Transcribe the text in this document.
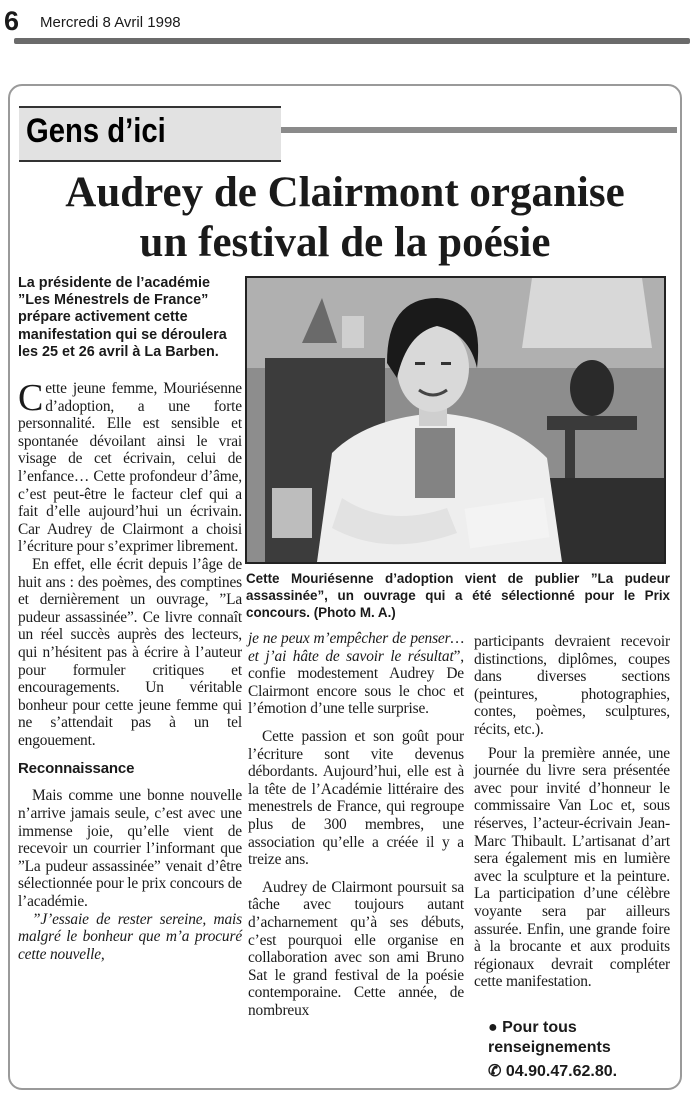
6 Mercredi 8 Avril 1998
Gens d’ici
Audrey de Clairmont organise
un festival de la poésie
La présidente de l’académie ”Les Ménestrels de France” prépare activement cette manifestation qui se déroulera les 25 et 26 avril à La Barben.
Cette Mouriésenne d’adoption vient de publier ”La pudeur assassinée”, un ouvrage qui a été sélectionné pour le Prix concours. (Photo M. A.)

Cette jeune femme, Mouriésenne d’adoption, a une forte personnalité. Elle est sensible et spontanée dévoilant ainsi le vrai visage de cet écrivain, celui de l’enfance… Cette profondeur d’âme, c’est peut-être le facteur clef qui a fait d’elle aujourd’hui un écrivain. Car Audrey de Clairmont a choisi l’écriture pour s’exprimer librement.

En effet, elle écrit depuis l’âge de huit ans : des poèmes, des comptines et dernièrement un ouvrage, ”La pudeur assassinée”. Ce livre connaît un réel succès auprès des lecteurs, qui n’hésitent pas à écrire à l’auteur pour formuler critiques et encouragements. Un véritable bonheur pour cette jeune femme qui ne s’attendait pas à un tel engouement.

Reconnaissance

Mais comme une bonne nouvelle n’arrive jamais seule, c’est avec une immense joie, qu’elle vient de recevoir un courrier l’informant que ”La pudeur assassinée” venait d’être sélectionnée pour le prix concours de l’académie.

”J’essaie de rester sereine, mais malgré le bonheur que m’a procuré cette nouvelle,

je ne peux m’empêcher de penser… et j’ai hâte de savoir le résultat”, confie modestement Audrey De Clairmont encore sous le choc et l’émotion d’une telle surprise.

Cette passion et son goût pour l’écriture sont vite devenus débordants. Aujourd’hui, elle est à la tête de l’Académie littéraire des menestrels de France, qui regroupe plus de 300 membres, une association qu’elle a créée il y a treize ans.

Audrey de Clairmont poursuit sa tâche avec toujours autant d’acharnement qu’à ses débuts, c’est pourquoi elle organise en collaboration avec son ami Bruno Sat le grand festival de la poésie contemporaine. Cette année, de nombreux

participants devraient recevoir distinctions, diplômes, coupes dans diverses sections (peintures, photographies, contes, poèmes, sculptures, récits, etc.).

Pour la première année, une journée du livre sera présentée avec pour invité d’honneur le commissaire Van Loc et, sous réserves, l’acteur-écrivain Jean-Marc Thibault. L’artisanat d’art sera également mis en lumière avec la sculpture et la peinture. La participation d’une célèbre voyante sera par ailleurs assurée. Enfin, une grande foire à la brocante et aux produits régionaux devrait compléter cette manifestation.

● Pour tous renseignements
✆ 04.90.47.62.80.
